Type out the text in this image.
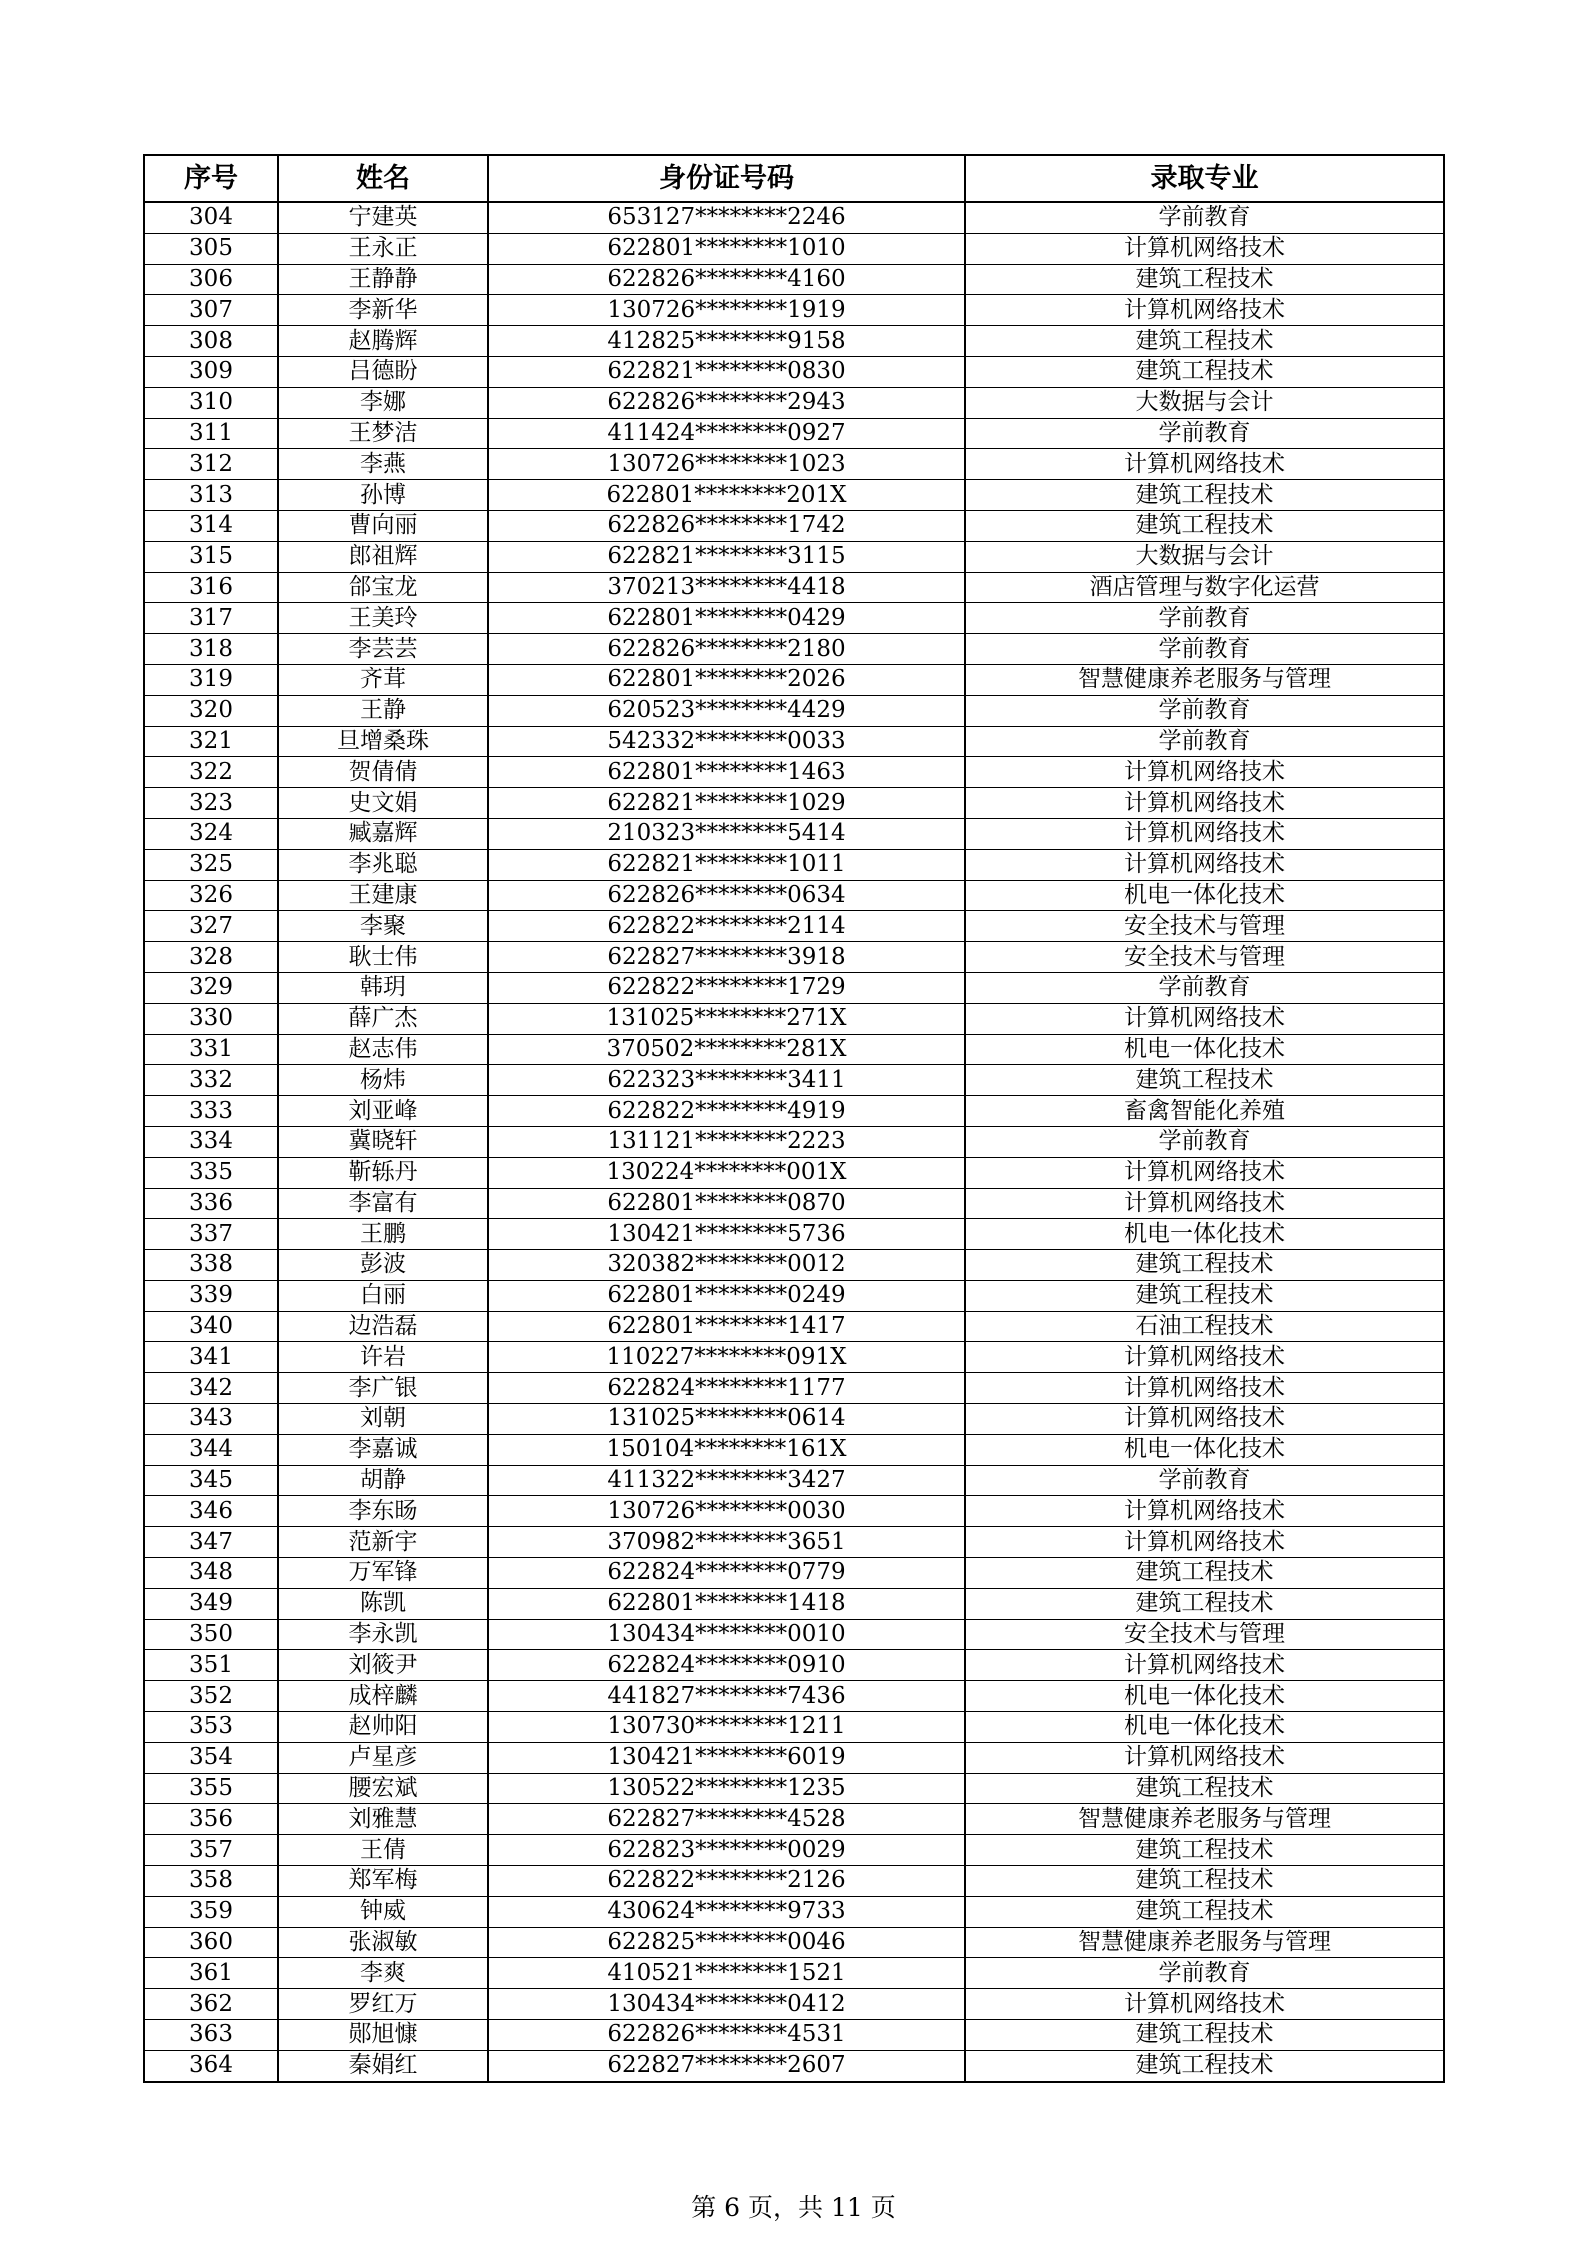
序号	姓名	身份证号码	录取专业
304	宁建英	653127********2246	学前教育
305	王永正	622801********1010	计算机网络技术
306	王静静	622826********4160	建筑工程技术
307	李新华	130726********1919	计算机网络技术
308	赵腾辉	412825********9158	建筑工程技术
309	吕德盼	622821********0830	建筑工程技术
310	李娜	622826********2943	大数据与会计
311	王梦洁	411424********0927	学前教育
312	李燕	130726********1023	计算机网络技术
313	孙博	622801********201X	建筑工程技术
314	曹向丽	622826********1742	建筑工程技术
315	郎祖辉	622821********3115	大数据与会计
316	郃宝龙	370213********4418	酒店管理与数字化运营
317	王美玲	622801********0429	学前教育
318	李芸芸	622826********2180	学前教育
319	齐茸	622801********2026	智慧健康养老服务与管理
320	王静	620523********4429	学前教育
321	旦增桑珠	542332********0033	学前教育
322	贺倩倩	622801********1463	计算机网络技术
323	史文娟	622821********1029	计算机网络技术
324	臧嘉辉	210323********5414	计算机网络技术
325	李兆聪	622821********1011	计算机网络技术
326	王建康	622826********0634	机电一体化技术
327	李聚	622822********2114	安全技术与管理
328	耿士伟	622827********3918	安全技术与管理
329	韩玥	622822********1729	学前教育
330	薛广杰	131025********271X	计算机网络技术
331	赵志伟	370502********281X	机电一体化技术
332	杨炜	622323********3411	建筑工程技术
333	刘亚峰	622822********4919	畜禽智能化养殖
334	冀晓轩	131121********2223	学前教育
335	靳轹丹	130224********001X	计算机网络技术
336	李富有	622801********0870	计算机网络技术
337	王鹏	130421********5736	机电一体化技术
338	彭波	320382********0012	建筑工程技术
339	白丽	622801********0249	建筑工程技术
340	边浩磊	622801********1417	石油工程技术
341	许岩	110227********091X	计算机网络技术
342	李广银	622824********1177	计算机网络技术
343	刘朝	131025********0614	计算机网络技术
344	李嘉诚	150104********161X	机电一体化技术
345	胡静	411322********3427	学前教育
346	李东旸	130726********0030	计算机网络技术
347	范新宇	370982********3651	计算机网络技术
348	万军锋	622824********0779	建筑工程技术
349	陈凯	622801********1418	建筑工程技术
350	李永凯	130434********0010	安全技术与管理
351	刘筱尹	622824********0910	计算机网络技术
352	成梓麟	441827********7436	机电一体化技术
353	赵帅阳	130730********1211	机电一体化技术
354	卢星彦	130421********6019	计算机网络技术
355	腰宏斌	130522********1235	建筑工程技术
356	刘雅慧	622827********4528	智慧健康养老服务与管理
357	王倩	622823********0029	建筑工程技术
358	郑军梅	622822********2126	建筑工程技术
359	钟威	430624********9733	建筑工程技术
360	张淑敏	622825********0046	智慧健康养老服务与管理
361	李爽	410521********1521	学前教育
362	罗红万	130434********0412	计算机网络技术
363	郧旭慷	622826********4531	建筑工程技术
364	秦娟红	622827********2607	建筑工程技术
第 6 页，共 11 页
